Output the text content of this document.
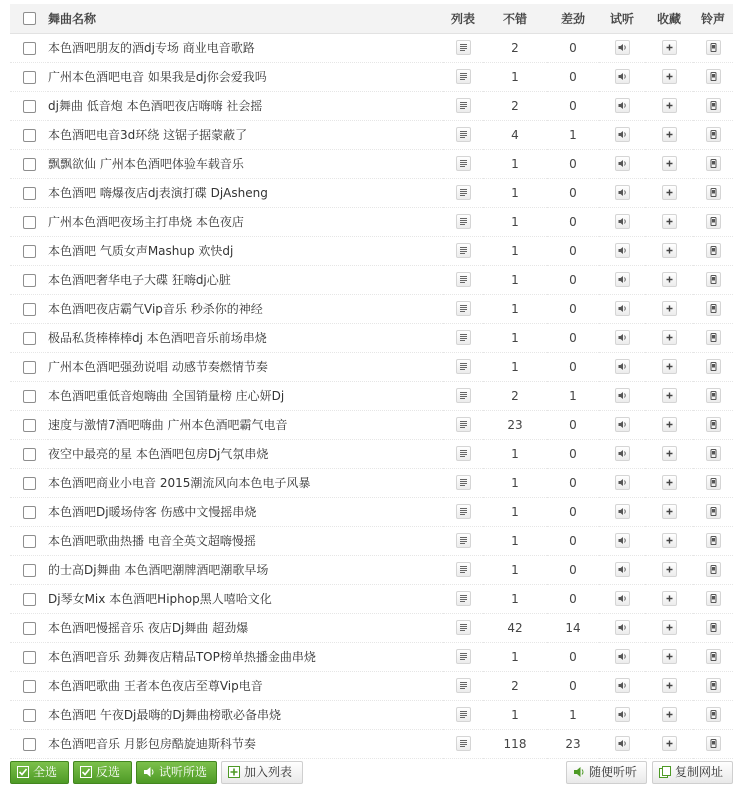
	舞曲名称	列表	不错	差劲	试听	收藏	铃声
	本色酒吧朋友的酒dj专场 商业电音歌路		2	0	

	广州本色酒吧电音 如果我是dj你会爱我吗		1	0	

	dj舞曲 低音炮 本色酒吧夜店嗨嗨 社会摇		2	0	

	本色酒吧电音3d环绕 这锯子据蒙蔽了		4	1	

	飘飘欲仙 广州本色酒吧体验车载音乐		1	0	

	本色酒吧 嗨爆夜店dj表演打碟 DjAsheng		1	0	

	广州本色酒吧夜场主打串烧 本色夜店		1	0	

	本色酒吧 气质女声Mashup 欢快dj		1	0	

	本色酒吧奢华电子大碟 狂嗨dj心脏		1	0	

	本色酒吧夜店霸气Vip音乐 秒杀你的神经		1	0	

	极品私货棒棒棒dj 本色酒吧音乐前场串烧		1	0	

	广州本色酒吧强劲说唱 动感节奏燃情节奏		1	0	

	本色酒吧重低音炮嗨曲 全国销量榜 庄心妍Dj		2	1	

	速度与激情7酒吧嗨曲 广州本色酒吧霸气电音		23	0	

	夜空中最亮的星 本色酒吧包房Dj气氛串烧		1	0	

	本色酒吧商业小电音 2015潮流风向本色电子风暴		1	0	

	本色酒吧Dj暖场侍客 伤感中文慢摇串烧		1	0	

	本色酒吧歌曲热播 电音全英文超嗨慢摇		1	0	

	的士高Dj舞曲 本色酒吧潮牌酒吧潮歌早场		1	0	

	Dj琴女Mix 本色酒吧Hiphop黑人嘻哈文化		1	0	

	本色酒吧慢摇音乐 夜店Dj舞曲 超劲爆		42	14	

	本色酒吧音乐 劲舞夜店精品TOP榜单热播金曲串烧		1	0	

	本色酒吧歌曲 王者本色夜店至尊Vip电音		2	0	

	本色酒吧 午夜Dj最嗨的Dj舞曲榜歌必备串烧		1	1	

	本色酒吧音乐 月影包房酷旋迪斯科节奏		118	23	

全选	反选	试听所选	加入列表	随便听听	复制网址
